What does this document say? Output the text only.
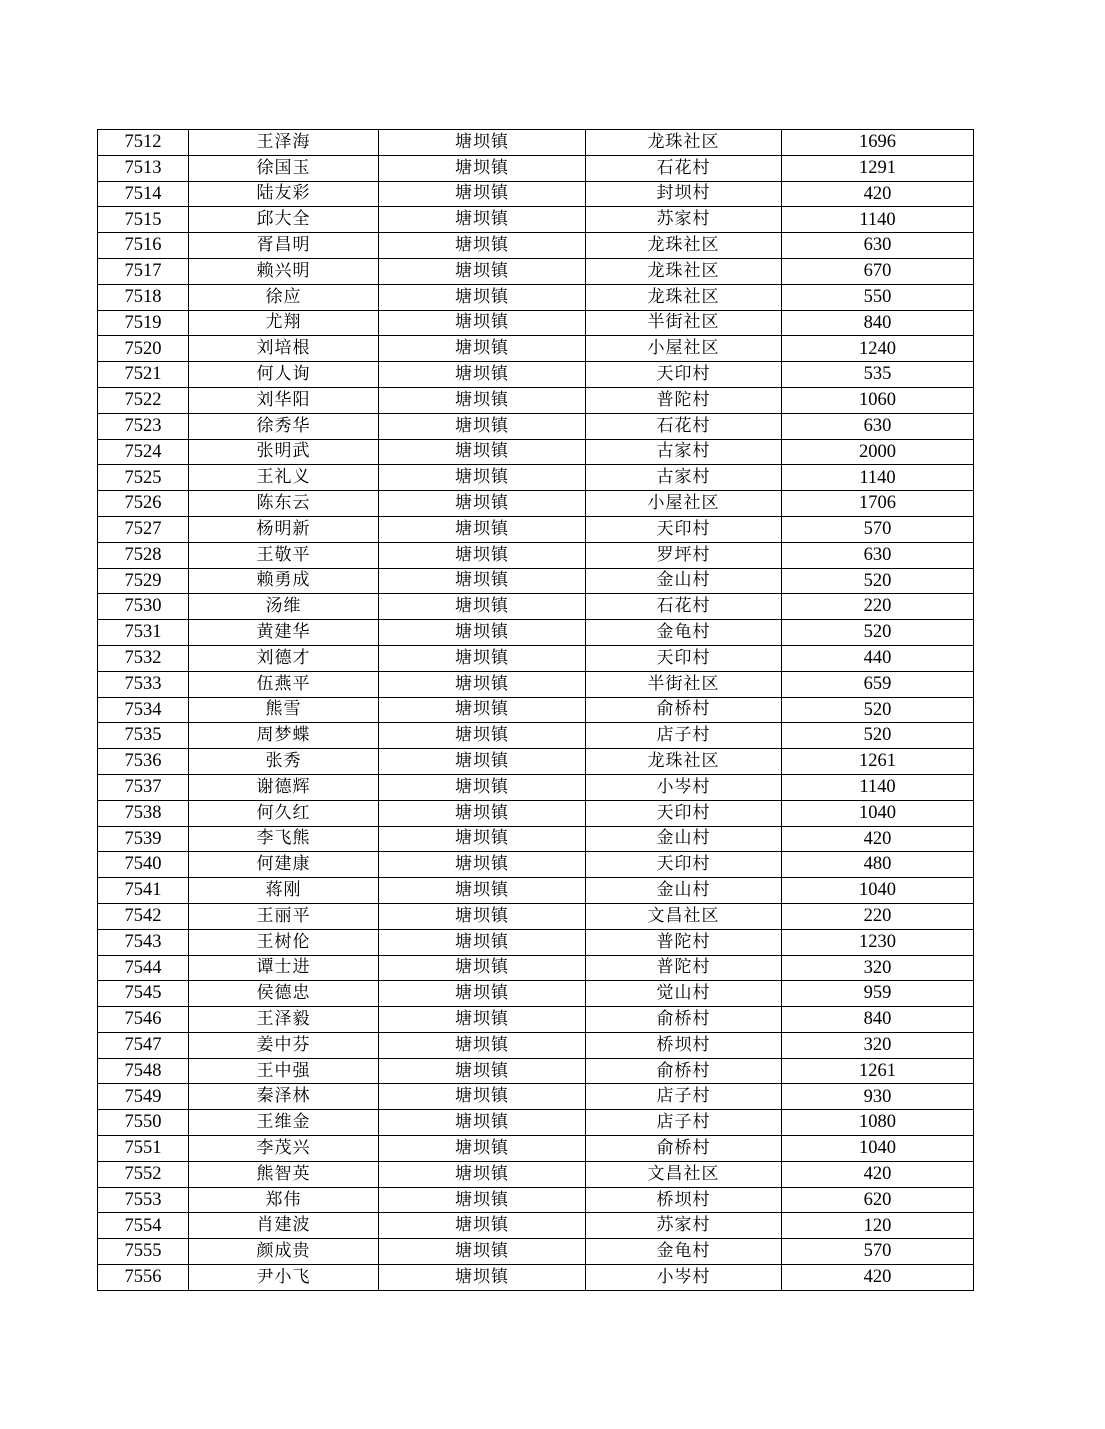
7512	王泽海	塘坝镇	龙珠社区	1696
7513	徐国玉	塘坝镇	石花村	1291
7514	陆友彩	塘坝镇	封坝村	420
7515	邱大全	塘坝镇	苏家村	1140
7516	胥昌明	塘坝镇	龙珠社区	630
7517	赖兴明	塘坝镇	龙珠社区	670
7518	徐应	塘坝镇	龙珠社区	550
7519	尤翔	塘坝镇	半街社区	840
7520	刘培根	塘坝镇	小屋社区	1240
7521	何人询	塘坝镇	天印村	535
7522	刘华阳	塘坝镇	普陀村	1060
7523	徐秀华	塘坝镇	石花村	630
7524	张明武	塘坝镇	古家村	2000
7525	王礼义	塘坝镇	古家村	1140
7526	陈东云	塘坝镇	小屋社区	1706
7527	杨明新	塘坝镇	天印村	570
7528	王敬平	塘坝镇	罗坪村	630
7529	赖勇成	塘坝镇	金山村	520
7530	汤维	塘坝镇	石花村	220
7531	黄建华	塘坝镇	金龟村	520
7532	刘德才	塘坝镇	天印村	440
7533	伍燕平	塘坝镇	半街社区	659
7534	熊雪	塘坝镇	俞桥村	520
7535	周梦蝶	塘坝镇	店子村	520
7536	张秀	塘坝镇	龙珠社区	1261
7537	谢德辉	塘坝镇	小岑村	1140
7538	何久红	塘坝镇	天印村	1040
7539	李飞熊	塘坝镇	金山村	420
7540	何建康	塘坝镇	天印村	480
7541	蒋刚	塘坝镇	金山村	1040
7542	王丽平	塘坝镇	文昌社区	220
7543	王树伦	塘坝镇	普陀村	1230
7544	谭士进	塘坝镇	普陀村	320
7545	侯德忠	塘坝镇	觉山村	959
7546	王泽毅	塘坝镇	俞桥村	840
7547	姜中芬	塘坝镇	桥坝村	320
7548	王中强	塘坝镇	俞桥村	1261
7549	秦泽林	塘坝镇	店子村	930
7550	王维金	塘坝镇	店子村	1080
7551	李茂兴	塘坝镇	俞桥村	1040
7552	熊智英	塘坝镇	文昌社区	420
7553	郑伟	塘坝镇	桥坝村	620
7554	肖建波	塘坝镇	苏家村	120
7555	颜成贵	塘坝镇	金龟村	570
7556	尹小飞	塘坝镇	小岑村	420
